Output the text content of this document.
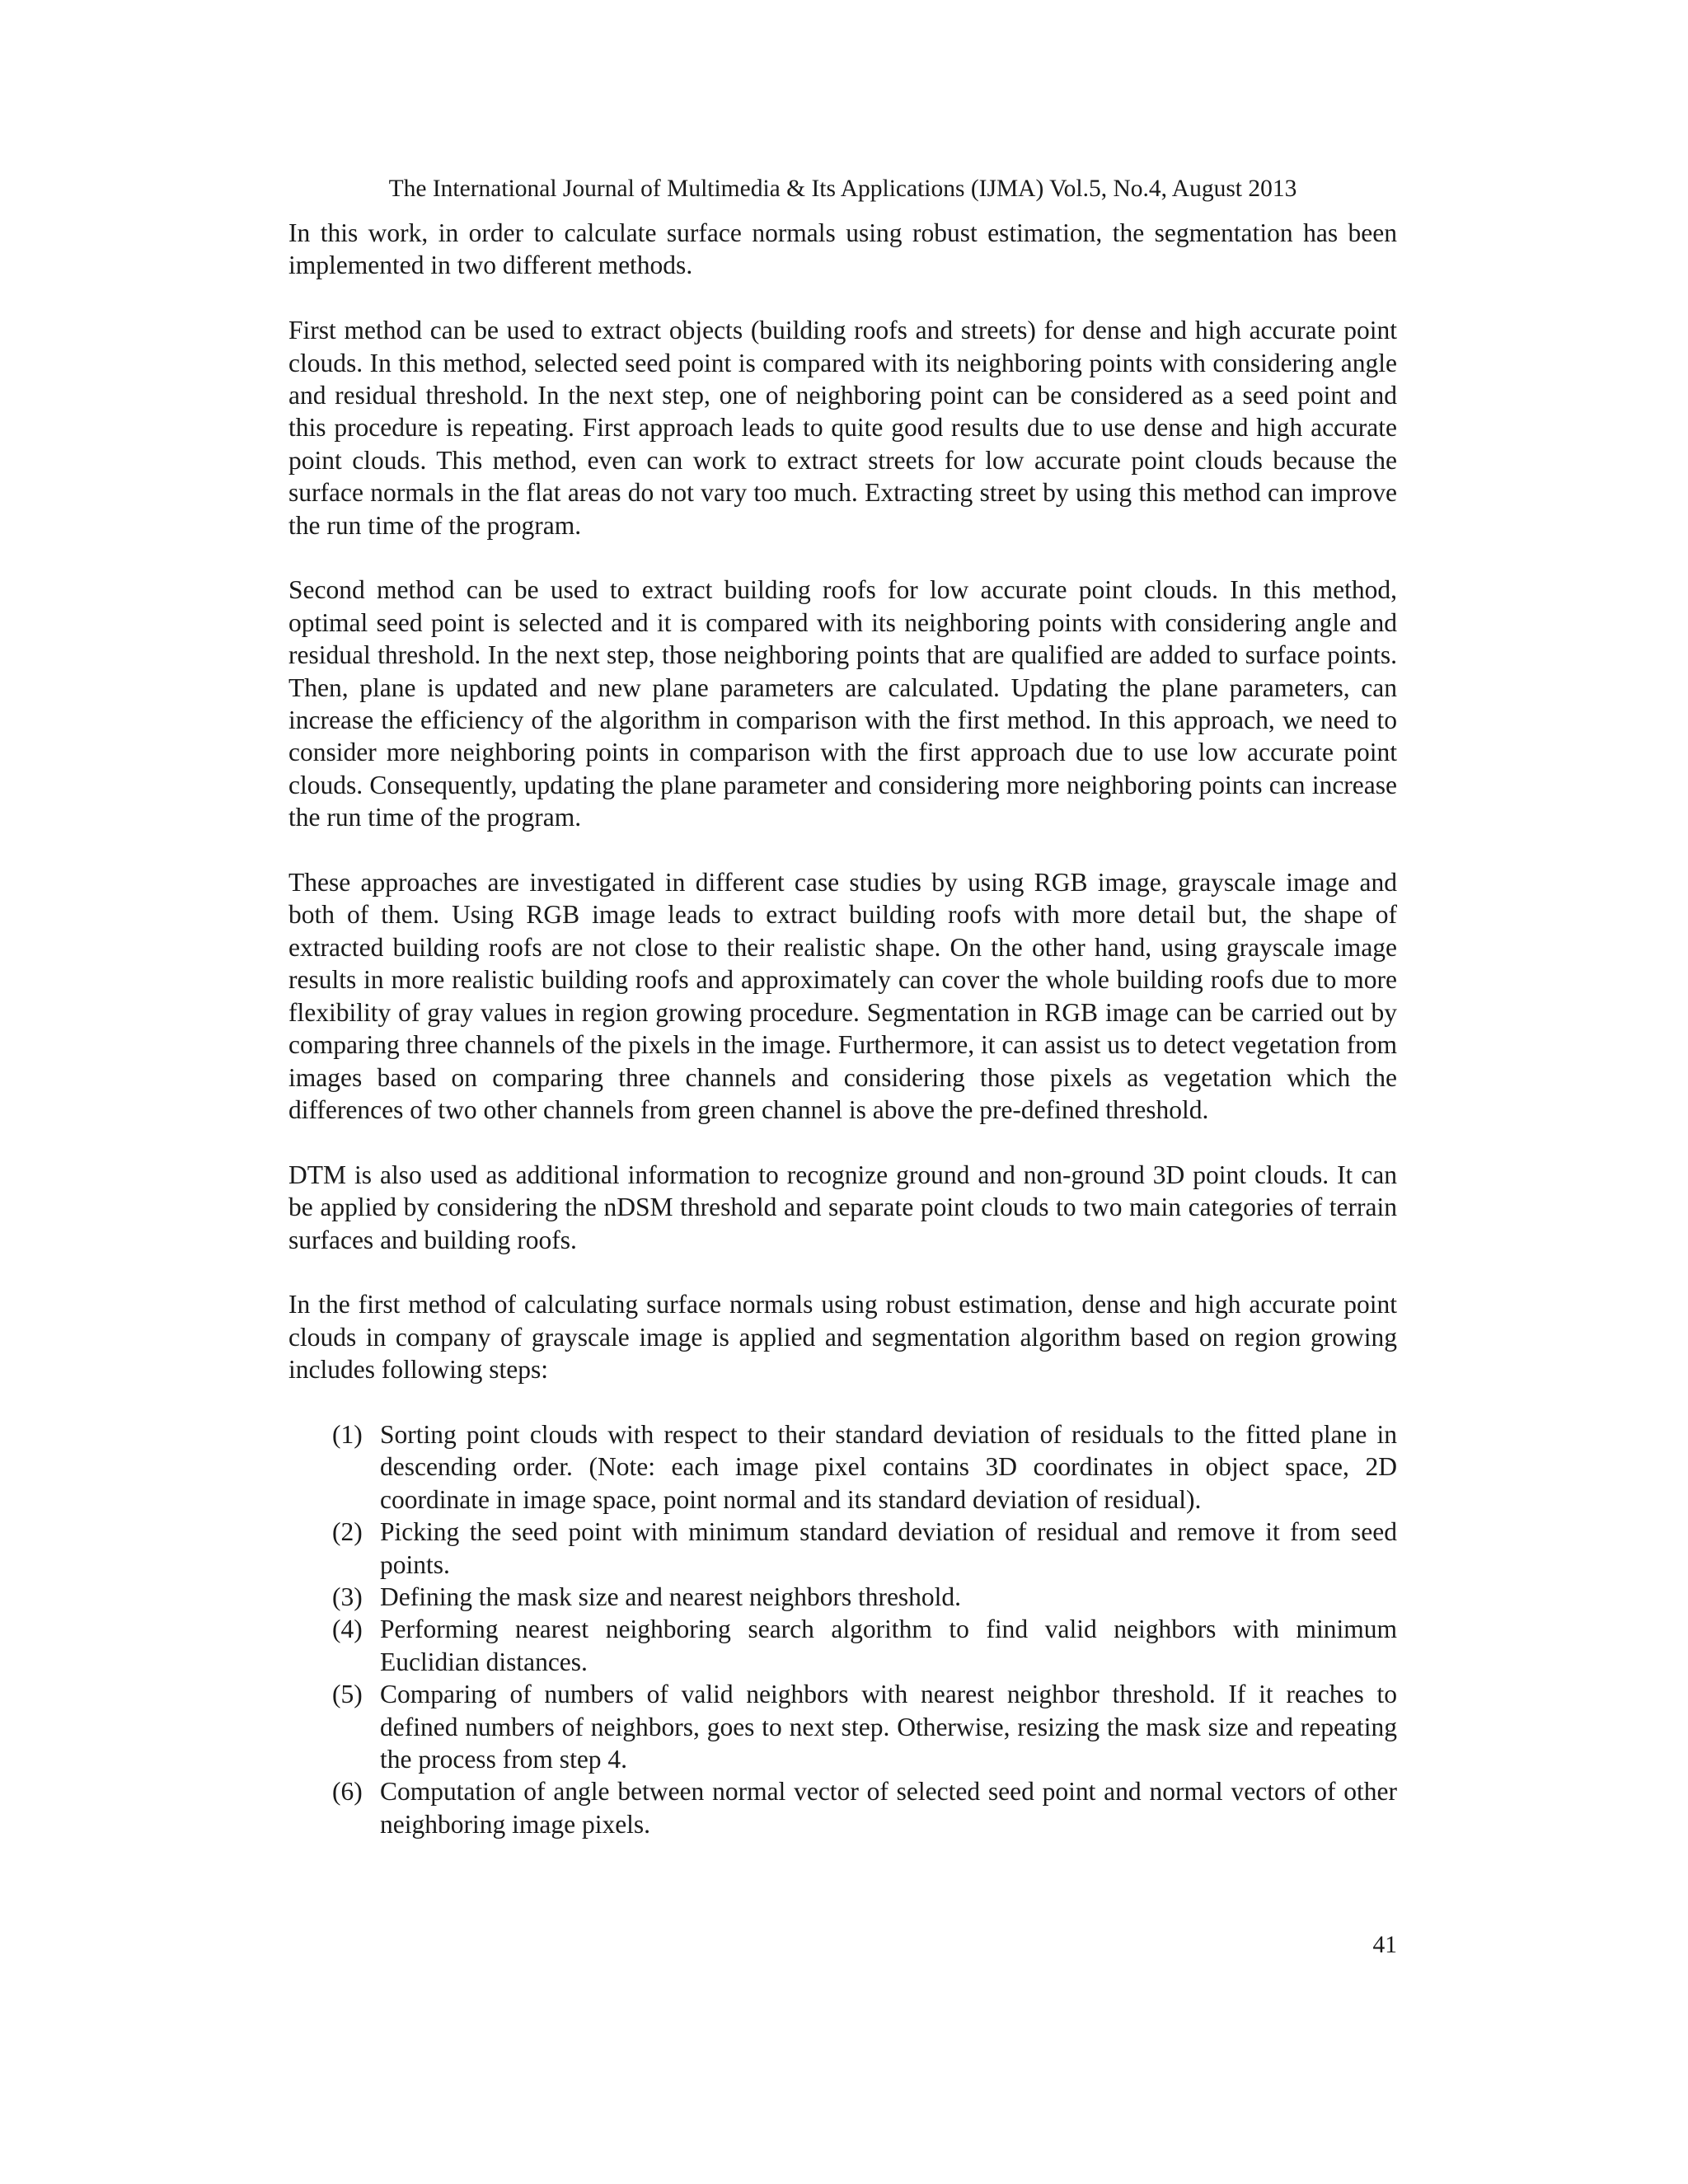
The International Journal of Multimedia & Its Applications (IJMA) Vol.5, No.4, August 2013

In this work, in order to calculate surface normals using robust estimation, the segmentation has been implemented in two different methods.

First method can be used to extract objects (building roofs and streets) for dense and high accurate point clouds. In this method, selected seed point is compared with its neighboring points with considering angle and residual threshold. In the next step, one of neighboring point can be considered as a seed point and this procedure is repeating. First approach leads to quite good results due to use dense and high accurate point clouds. This method, even can work to extract streets for low accurate point clouds because the surface normals in the flat areas do not vary too much. Extracting street by using this method can improve the run time of the program.

Second method can be used to extract building roofs for low accurate point clouds. In this method, optimal seed point is selected and it is compared with its neighboring points with considering angle and residual threshold. In the next step, those neighboring points that are qualified are added to surface points. Then, plane is updated and new plane parameters are calculated. Updating the plane parameters, can increase the efficiency of the algorithm in comparison with the first method. In this approach, we need to consider more neighboring points in comparison with the first approach due to use low accurate point clouds. Consequently, updating the plane parameter and considering more neighboring points can increase the run time of the program.

These approaches are investigated in different case studies by using RGB image, grayscale image and both of them. Using RGB image leads to extract building roofs with more detail but, the shape of extracted building roofs are not close to their realistic shape. On the other hand, using grayscale image results in more realistic building roofs and approximately can cover the whole building roofs due to more flexibility of gray values in region growing procedure. Segmentation in RGB image can be carried out by comparing three channels of the pixels in the image. Furthermore, it can assist us to detect vegetation from images based on comparing three channels and considering those pixels as vegetation which the differences of two other channels from green channel is above the pre-defined threshold.

DTM is also used as additional information to recognize ground and non-ground 3D point clouds. It can be applied by considering the nDSM threshold and separate point clouds to two main categories of terrain surfaces and building roofs.

In the first method of calculating surface normals using robust estimation, dense and high accurate point clouds in company of grayscale image is applied and segmentation algorithm based on region growing includes following steps:

(1) Sorting point clouds with respect to their standard deviation of residuals to the fitted plane in descending order. (Note: each image pixel contains 3D coordinates in object space, 2D coordinate in image space, point normal and its standard deviation of residual).
(2) Picking the seed point with minimum standard deviation of residual and remove it from seed points.
(3) Defining the mask size and nearest neighbors threshold.
(4) Performing nearest neighboring search algorithm to find valid neighbors with minimum Euclidian distances.
(5) Comparing of numbers of valid neighbors with nearest neighbor threshold. If it reaches to defined numbers of neighbors, goes to next step. Otherwise, resizing the mask size and repeating the process from step 4.
(6) Computation of angle between normal vector of selected seed point and normal vectors of other neighboring image pixels.
41
